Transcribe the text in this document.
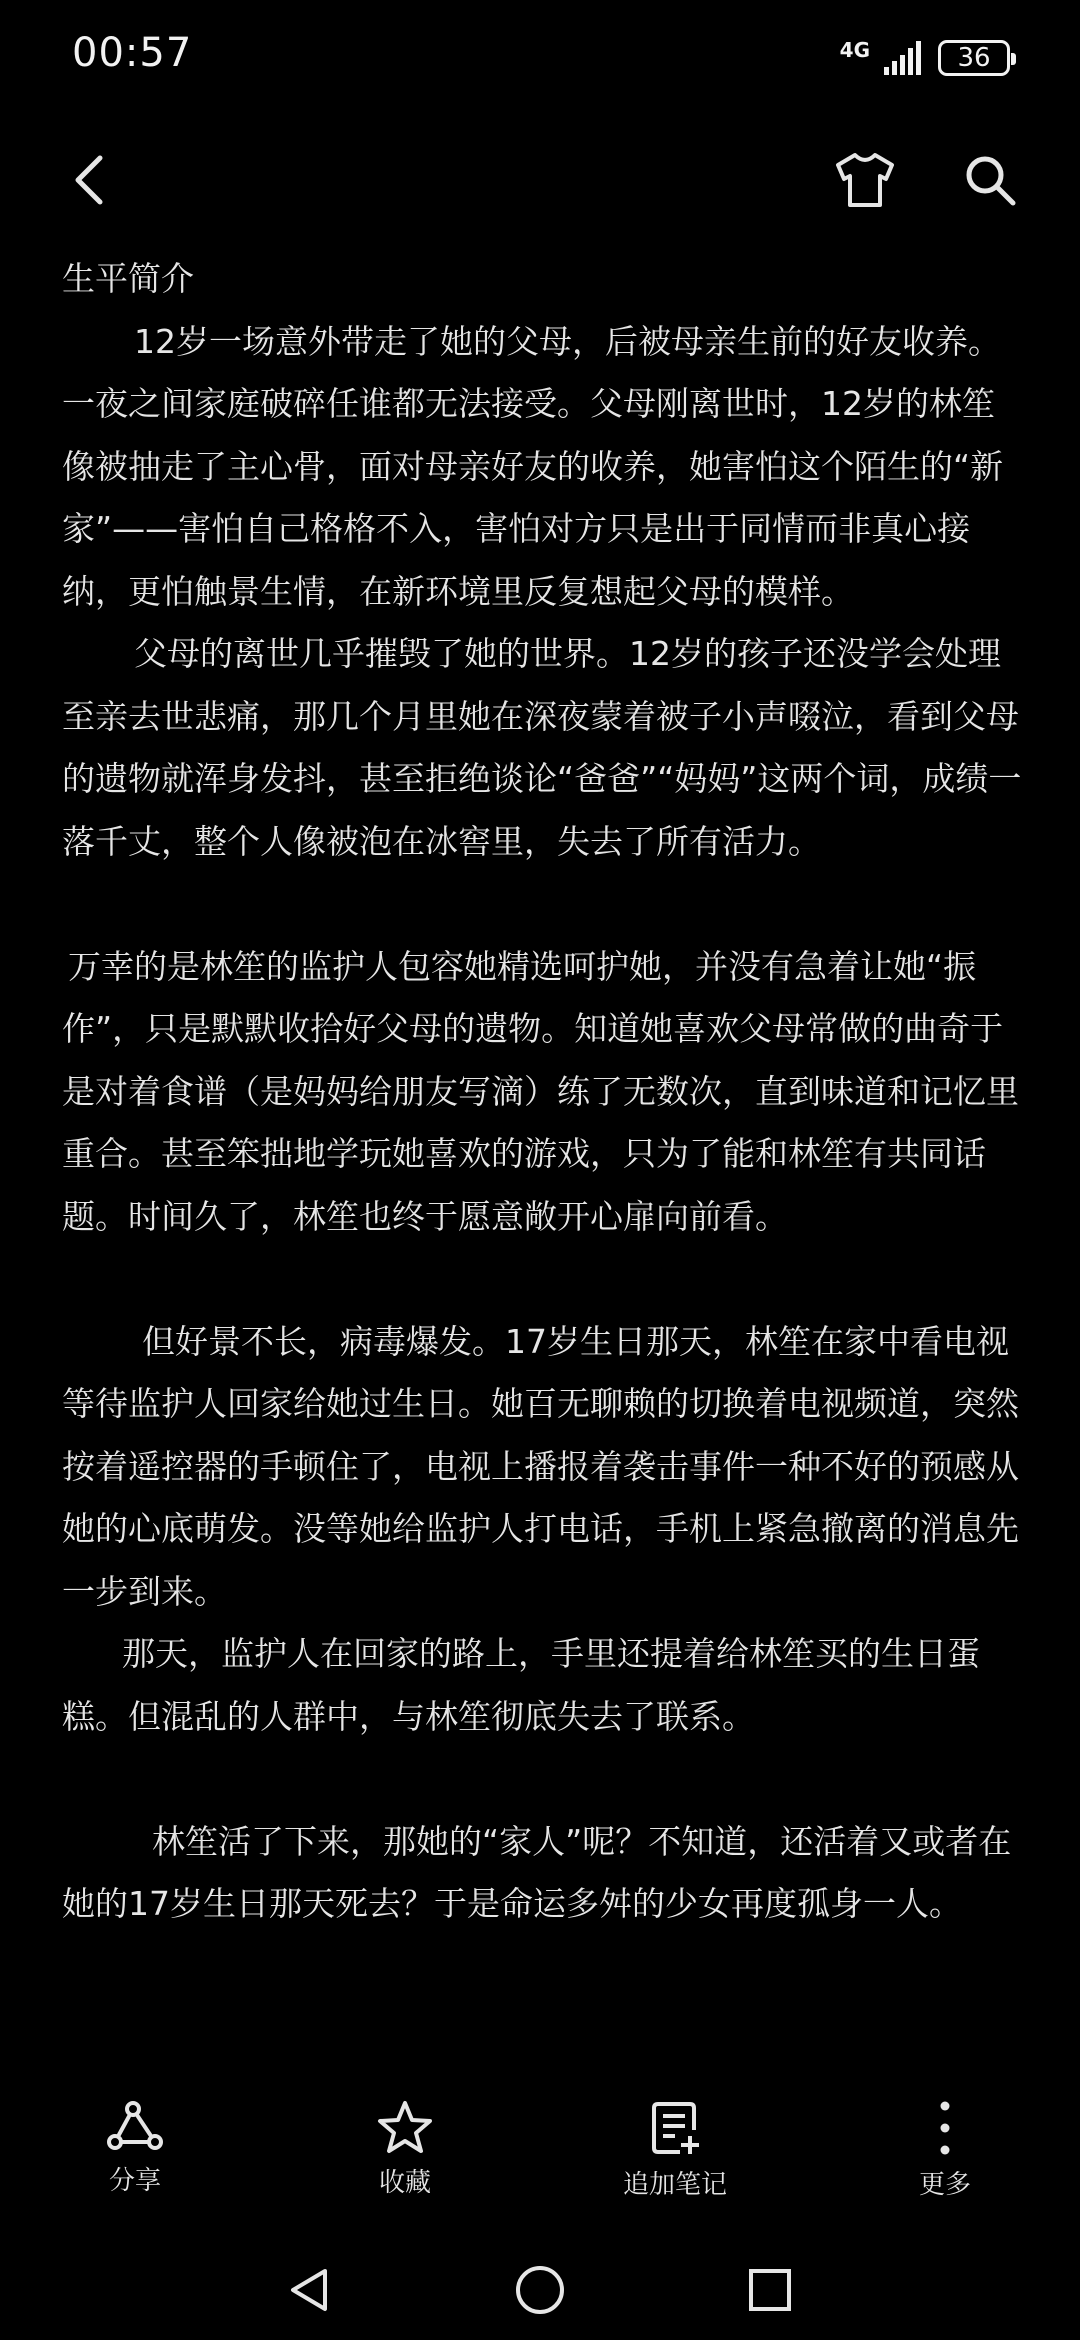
00:57	4G	36

生平简介

12岁一场意外带走了她的父母，后被母亲生前的好友收养。一夜之间家庭破碎任谁都无法接受。父母刚离世时，12岁的林笙像被抽走了主心骨，面对母亲好友的收养，她害怕这个陌生的“新家”——害怕自己格格不入，害怕对方只是出于同情而非真心接纳，更怕触景生情，在新环境里反复想起父母的模样。

父母的离世几乎摧毁了她的世界。12岁的孩子还没学会处理至亲去世悲痛，那几个月里她在深夜蒙着被子小声啜泣，看到父母的遗物就浑身发抖，甚至拒绝谈论“爸爸”“妈妈”这两个词，成绩一落千丈，整个人像被泡在冰窖里，失去了所有活力。

万幸的是林笙的监护人包容她精选呵护她，并没有急着让她“振作”，只是默默收拾好父母的遗物。知道她喜欢父母常做的曲奇于是对着食谱（是妈妈给朋友写滴）练了无数次，直到味道和记忆里重合。甚至笨拙地学玩她喜欢的游戏，只为了能和林笙有共同话题。时间久了，林笙也终于愿意敞开心扉向前看。

但好景不长，病毒爆发。17岁生日那天，林笙在家中看电视等待监护人回家给她过生日。她百无聊赖的切换着电视频道，突然按着遥控器的手顿住了，电视上播报着袭击事件一种不好的预感从她的心底萌发。没等她给监护人打电话，手机上紧急撤离的消息先一步到来。

那天，监护人在回家的路上，手里还提着给林笙买的生日蛋糕。但混乱的人群中，与林笙彻底失去了联系。

林笙活了下来，那她的“家人”呢？不知道，还活着又或者在她的17岁生日那天死去？于是命运多舛的少女再度孤身一人。

分享	收藏	追加笔记	更多
